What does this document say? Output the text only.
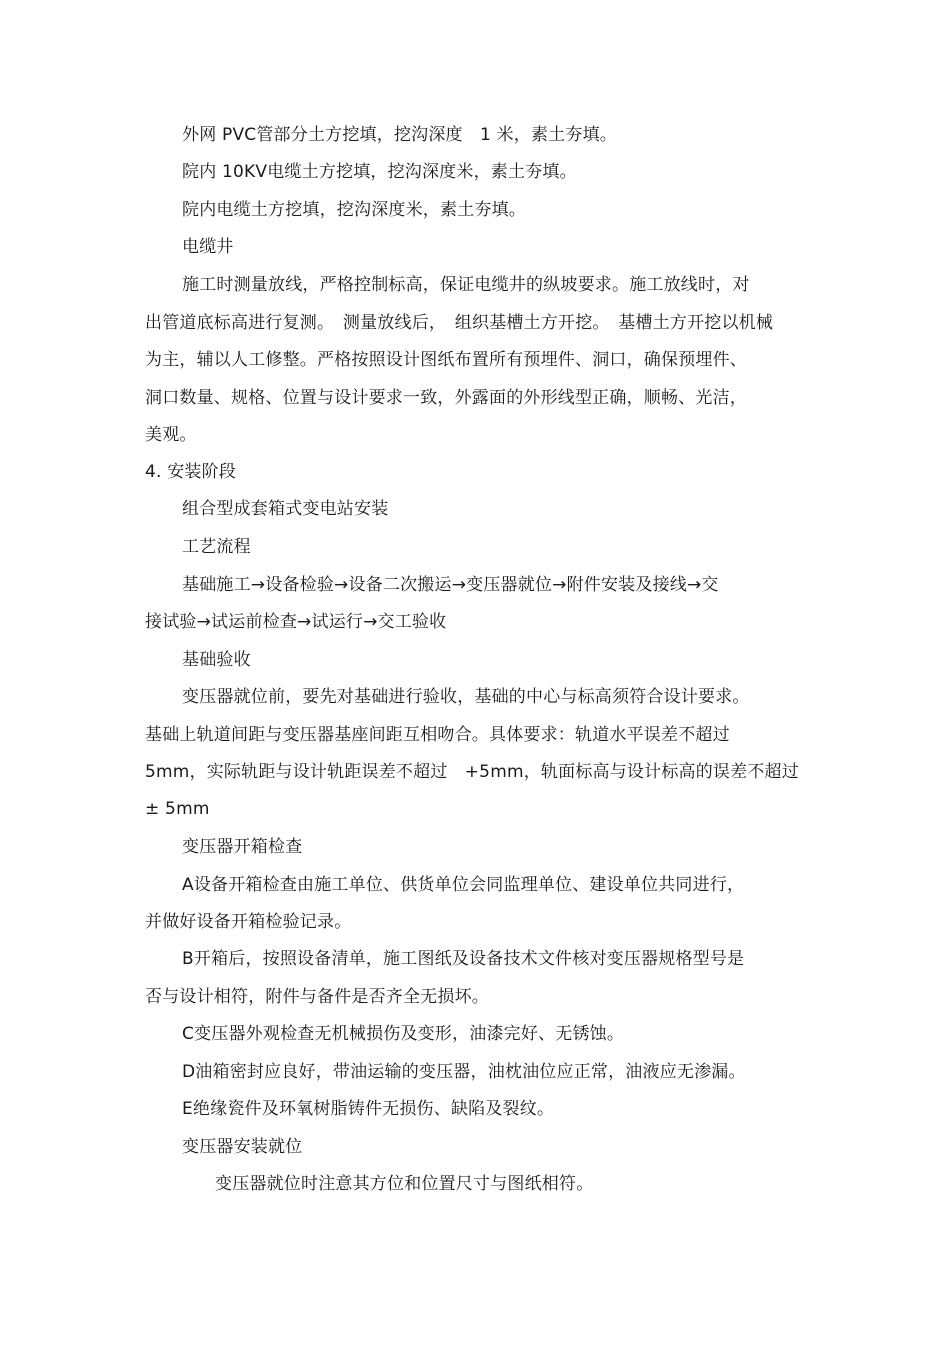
外网 PVC管部分土方挖填，挖沟深度　1 米，素土夯填。
院内 10KV电缆土方挖填，挖沟深度米，素土夯填。
院内电缆土方挖填，挖沟深度米，素土夯填。
电缆井
施工时测量放线，严格控制标高，保证电缆井的纵坡要求。施工放线时，对
出管道底标高进行复测。　测量放线后，　组织基槽土方开挖。　基槽土方开挖以机械
为主，辅以人工修整。严格按照设计图纸布置所有预埋件、洞口，确保预埋件、
洞口数量、规格、位置与设计要求一致，外露面的外形线型正确，顺畅、光洁，
美观。
4. 安装阶段
组合型成套箱式变电站安装
工艺流程
基础施工→设备检验→设备二次搬运→变压器就位→附件安装及接线→交
接试验→试运前检查→试运行→交工验收
基础验收
变压器就位前，要先对基础进行验收，基础的中心与标高须符合设计要求。
基础上轨道间距与变压器基座间距互相吻合。具体要求：轨道水平误差不超过
5mm，实际轨距与设计轨距误差不超过　+5mm，轨面标高与设计标高的误差不超过
± 5mm
变压器开箱检查
A设备开箱检查由施工单位、供货单位会同监理单位、建设单位共同进行，
并做好设备开箱检验记录。
B开箱后，按照设备清单，施工图纸及设备技术文件核对变压器规格型号是
否与设计相符，附件与备件是否齐全无损坏。
C变压器外观检查无机械损伤及变形，油漆完好、无锈蚀。
D油箱密封应良好，带油运输的变压器，油枕油位应正常，油液应无渗漏。
E绝缘瓷件及环氧树脂铸件无损伤、缺陷及裂纹。
变压器安装就位
变压器就位时注意其方位和位置尺寸与图纸相符。
